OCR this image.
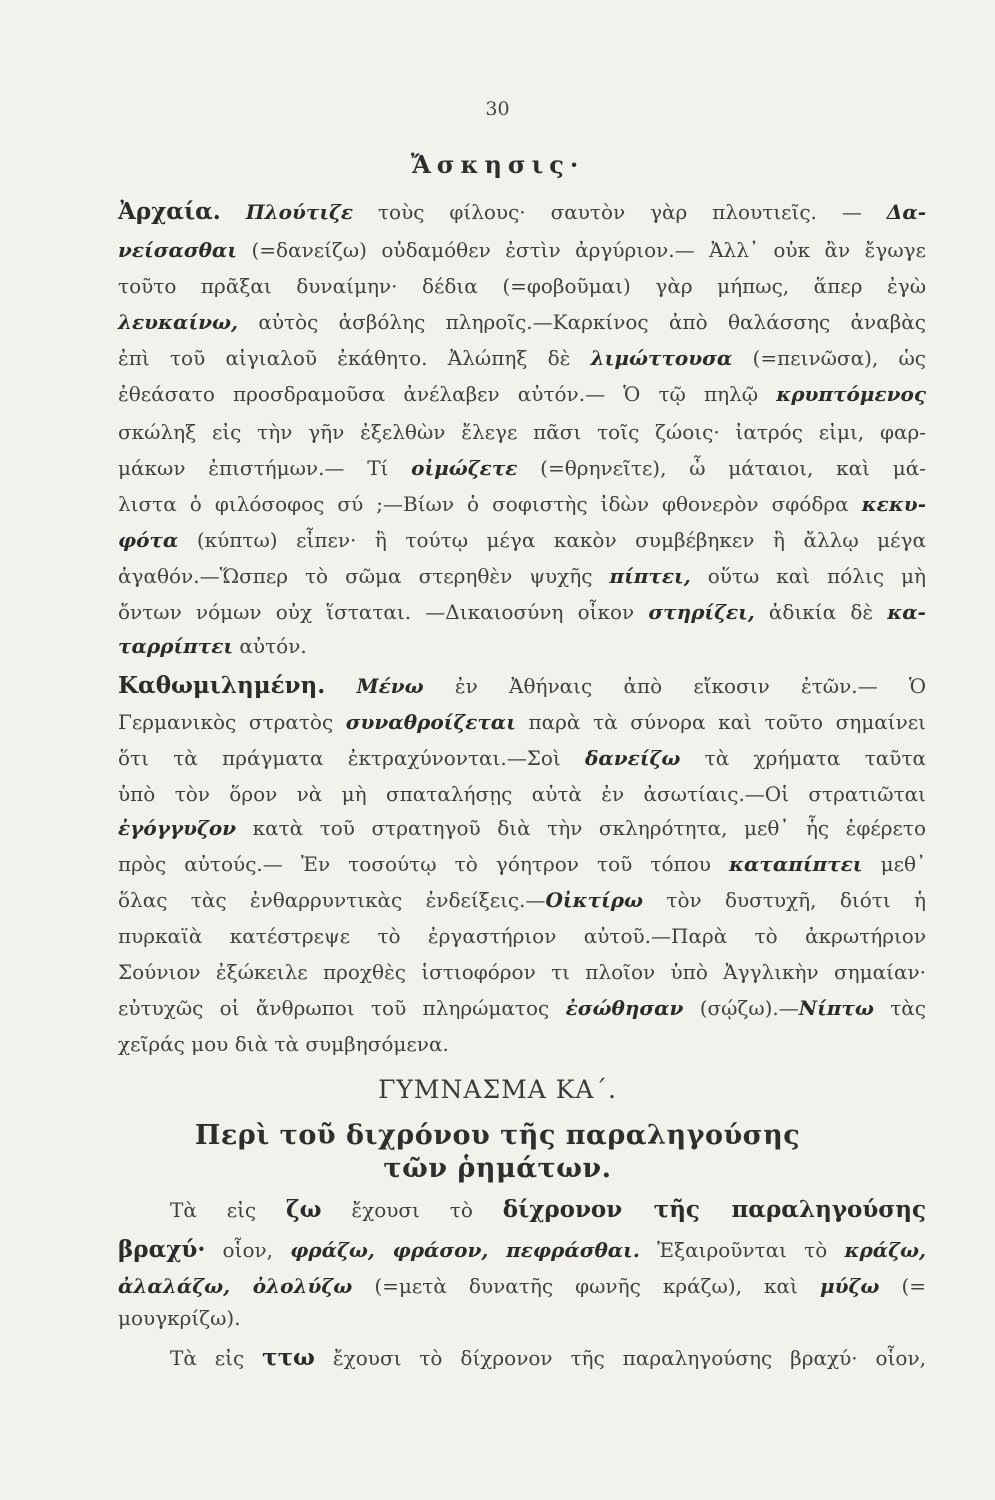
30
Ἄσκησις·
Ἀρχαία. Πλούτιζε τοὺς φίλους· σαυτὸν γὰρ πλουτιεῖς. — Δα-
νείσασθαι (=δανείζω) οὐδαμόθεν ἐστὶν ἀργύριον.— Ἀλλ᾽ οὐκ ἂν ἔγωγε
τοῦτο πρᾶξαι δυναίμην· δέδια (=φοβοῦμαι) γὰρ μήπως, ἅπερ ἐγὼ
λευκαίνω, αὐτὸς ἀσβόλης πληροῖς.—Καρκίνος ἀπὸ θαλάσσης ἀναβὰς
ἐπὶ τοῦ αἰγιαλοῦ ἐκάθητο. Ἀλώπηξ δὲ λιμώττουσα (=πεινῶσα), ὡς
ἐθεάσατο προσδραμοῦσα ἀνέλαβεν αὐτόν.— Ὁ τῷ πηλῷ κρυπτόμενος
σκώληξ εἰς τὴν γῆν ἐξελθὼν ἔλεγε πᾶσι τοῖς ζώοις· ἰατρός εἰμι, φαρ-
μάκων ἐπιστήμων.— Τί οἰμώζετε (=θρηνεῖτε), ὦ μάταιοι, καὶ μά-
λιστα ὁ φιλόσοφος σύ ;—Βίων ὁ σοφιστὴς ἰδὼν φθονερὸν σφόδρα κεκυ-
φότα (κύπτω) εἶπεν· ἢ τούτῳ μέγα κακὸν συμβέβηκεν ἢ ἄλλῳ μέγα
ἀγαθόν.—Ὥσπερ τὸ σῶμα στερηθὲν ψυχῆς πίπτει, οὕτω καὶ πόλις μὴ
ὄντων νόμων οὐχ ἵσταται. —Δικαιοσύνη οἶκον στηρίζει, ἀδικία δὲ κα-
ταρρίπτει αὐτόν.
Καθωμιλημένη. Μένω ἐν Ἀθήναις ἀπὸ εἴκοσιν ἐτῶν.— Ὁ
Γερμανικὸς στρατὸς συναθροίζεται παρὰ τὰ σύνορα καὶ τοῦτο σημαίνει
ὅτι τὰ πράγματα ἐκτραχύνονται.—Σοὶ δανείζω τὰ χρήματα ταῦτα
ὑπὸ τὸν ὅρον νὰ μὴ σπαταλήσῃς αὐτὰ ἐν ἀσωτίαις.—Οἱ στρατιῶται
ἐγόγγυζον κατὰ τοῦ στρατηγοῦ διὰ τὴν σκληρότητα, μεθ᾽ ἧς ἐφέρετο
πρὸς αὐτούς.— Ἐν τοσούτῳ τὸ γόητρον τοῦ τόπου καταπίπτει μεθ᾽
ὅλας τὰς ἐνθαρρυντικὰς ἐνδείξεις.—Οἰκτίρω τὸν δυστυχῆ, διότι ἡ
πυρκαϊὰ κατέστρεψε τὸ ἐργαστήριον αὐτοῦ.—Παρὰ τὸ ἀκρωτήριον
Σούνιον ἐξώκειλε προχθὲς ἱστιοφόρον τι πλοῖον ὑπὸ Ἀγγλικὴν σημαίαν·
εὐτυχῶς οἱ ἄνθρωποι τοῦ πληρώματος ἐσώθησαν (σῴζω).—Νίπτω τὰς
χεῖράς μου διὰ τὰ συμβησόμενα.
ΓΥΜΝΑΣΜΑ ΚΑ΄.
Περὶ τοῦ διχρόνου τῆς παραληγούσης
τῶν ῥημάτων.
Τὰ εἰς ζω ἔχουσι τὸ δίχρονον τῆς παραληγούσης
βραχύ· οἷον, φράζω, φράσον, πεφράσθαι. Ἐξαιροῦνται τὸ κράζω,
ἀλαλάζω, ὀλολύζω (=μετὰ δυνατῆς φωνῆς κράζω), καὶ μύζω (=
μουγκρίζω).
Τὰ εἰς ττω ἔχουσι τὸ δίχρονον τῆς παραληγούσης βραχύ· οἷον,
